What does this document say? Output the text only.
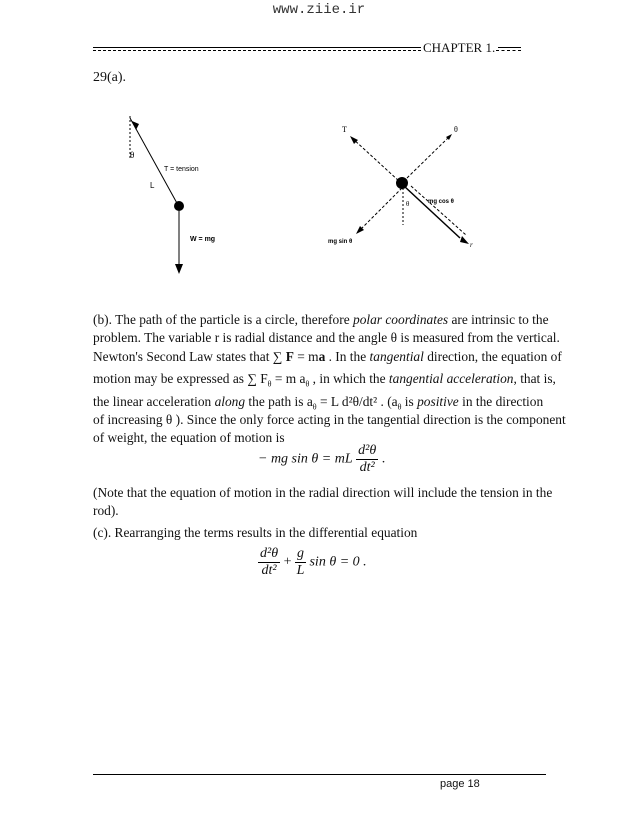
www.ziie.ir
CHAPTER 1.
29(a).
θ
T = tension
L
W = mg
T	θ
θ	mg cos θ
mg sin θ	r
(b). The path of the particle is a circle, therefore polar coordinates are intrinsic to the
problem. The variable r is radial distance and the angle θ is measured from the vertical.
Newton's Second Law states that ∑ F = ma . In the tangential direction, the equation of
motion may be expressed as ∑ $F_\theta = m$ $a_\theta$ , in which the tangential acceleration, that is,
the linear acceleration along the path is $a_\theta = L$ d²θ/dt² . ($a_\theta$ is positive in the direction
of increasing θ ). Since the only force acting in the tangential direction is the component
of weight, the equation of motion is
− mg sin θ = mL $\frac{\text{d²θ}}{\text{dt²}}$ .
(Note that the equation of motion in the radial direction will include the tension in the
rod).
(c). Rearranging the terms results in the differential equation
$\frac{\text{d²θ}}{\text{dt²}} + \frac{g}{L}$ sin θ = 0 .
page 18
